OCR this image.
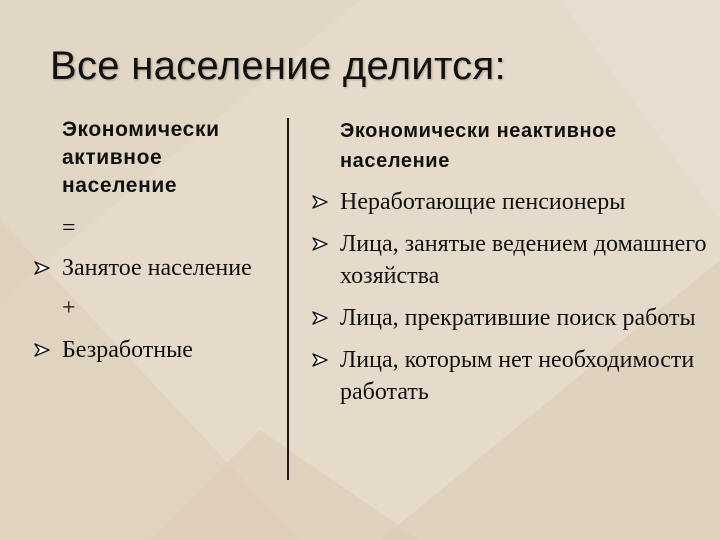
Все население делится:

Экономически активное население

=

Занятое население

+

Безработные

Экономически неактивное население

Неработающие пенсионеры
Лица, занятые ведением домашнего хозяйства
Лица, прекратившие поиск работы
Лица, которым нет необходимости работать
